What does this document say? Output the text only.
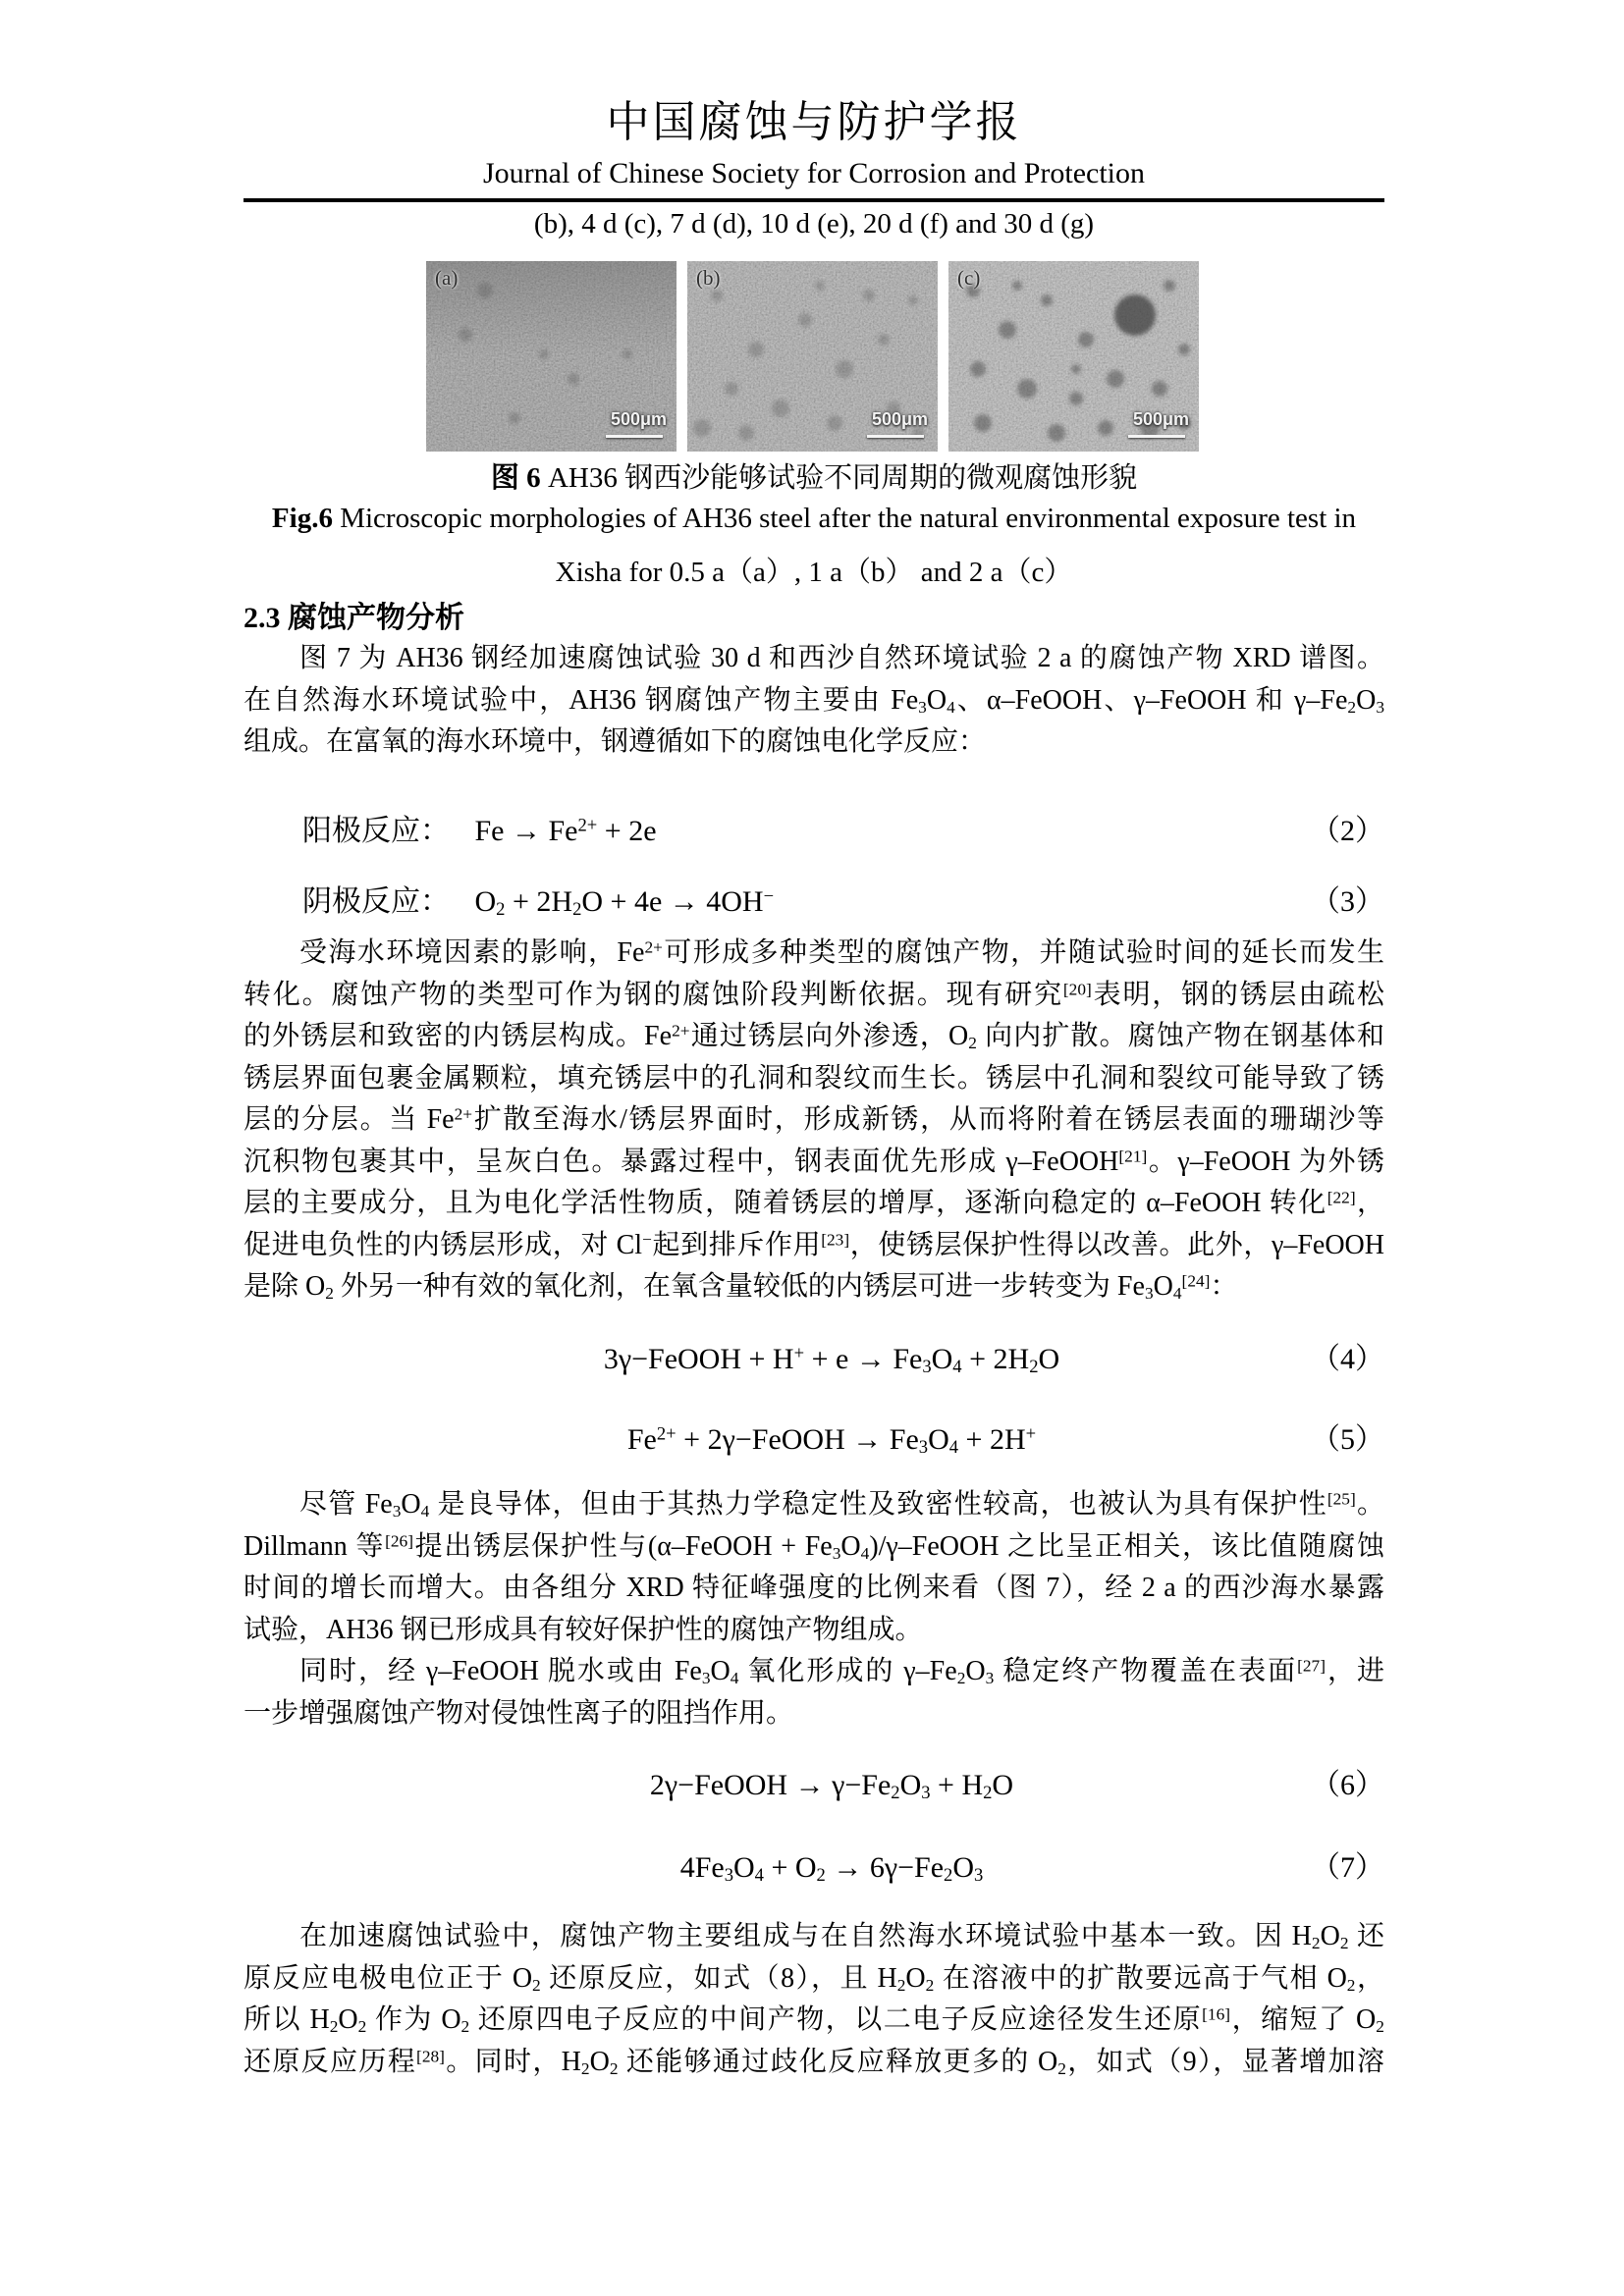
中国腐蚀与防护学报
Journal of Chinese Society for Corrosion and Protection
(b), 4 d (c), 7 d (d), 10 d (e), 20 d (f) and 30 d (g)
(a)
500μm
(b)
500μm
(c)
500μm
图 6 AH36 钢西沙能够试验不同周期的微观腐蚀形貌
Fig.6 Microscopic morphologies of AH36 steel after the natural environmental exposure test in
Xisha for 0.5 a（a）, 1 a（b） and 2 a（c）
2.3 腐蚀产物分析
图 7 为 AH36 钢经加速腐蚀试验 30 d 和西沙自然环境试验 2 a 的腐蚀产物 XRD 谱图。
在自然海水环境试验中，AH36 钢腐蚀产物主要由 $Fe_3O_4$、α–FeOOH、γ–FeOOH 和 $\gamma-Fe_2O_3$
组成。在富氧的海水环境中，钢遵循如下的腐蚀电化学反应：
阳极反应： $Fe \to Fe^{2+} + 2e$	（2）
阴极反应： $O_2 + 2H_2O + 4e \to 4OH^-$	（3）
受海水环境因素的影响，$Fe^{2+}$可形成多种类型的腐蚀产物，并随试验时间的延长而发生
转化。腐蚀产物的类型可作为钢的腐蚀阶段判断依据。现有研究[20]表明，钢的锈层由疏松
的外锈层和致密的内锈层构成。$Fe^{2+}$通过锈层向外渗透，$O_2$ 向内扩散。腐蚀产物在钢基体和
锈层界面包裹金属颗粒，填充锈层中的孔洞和裂纹而生长。锈层中孔洞和裂纹可能导致了锈
层的分层。当 $Fe^{2+}$扩散至海水/锈层界面时，形成新锈，从而将附着在锈层表面的珊瑚沙等
沉积物包裹其中，呈灰白色。暴露过程中，钢表面优先形成 γ–FeOOH[21]。γ–FeOOH 为外锈
层的主要成分，且为电化学活性物质，随着锈层的增厚，逐渐向稳定的 α–FeOOH 转化[22]，
促进电负性的内锈层形成，对 Cl−起到排斥作用[23]，使锈层保护性得以改善。此外，γ–FeOOH
是除 $O_2$ 外另一种有效的氧化剂，在氧含量较低的内锈层可进一步转变为 $Fe_3O_4[24]$：
3γ−FeOOH + $H^+ + e \to Fe_3O_4 + 2H_2O$	（4）
$Fe^{2+}$ + 2γ−FeOOH → $Fe_3O_4 + 2H^+$	（5）
尽管 $Fe_3O_4$ 是良导体，但由于其热力学稳定性及致密性较高，也被认为具有保护性[25]。
Dillmann 等[26]提出锈层保护性与(α–FeOOH + $Fe_3O_4)/\gamma$–FeOOH 之比呈正相关，该比值随腐蚀
时间的增长而增大。由各组分 XRD 特征峰强度的比例来看（图 7），经 2 a 的西沙海水暴露
试验，AH36 钢已形成具有较好保护性的腐蚀产物组成。
同时，经 γ–FeOOH 脱水或由 $Fe_3O_4$ 氧化形成的 $\gamma-Fe_2O_3$ 稳定终产物覆盖在表面[27]，进
一步增强腐蚀产物对侵蚀性离子的阻挡作用。
2γ−FeOOH → $\gamma-Fe_2O_3 + H_2O$	（6）
$4Fe_3O_4 + O_2 \to 6\gamma-Fe_2O_3$	（7）
在加速腐蚀试验中，腐蚀产物主要组成与在自然海水环境试验中基本一致。因 $H_2O_2$ 还
原反应电极电位正于 $O_2$ 还原反应，如式（8），且 $H_2O_2$ 在溶液中的扩散要远高于气相 $O_2$，
所以 $H_2O_2$ 作为 $O_2$ 还原四电子反应的中间产物，以二电子反应途径发生还原[16]，缩短了 $O_2$
还原反应历程[28]。同时，$H_2O_2$ 还能够通过歧化反应释放更多的 $O_2$，如式（9），显著增加溶
